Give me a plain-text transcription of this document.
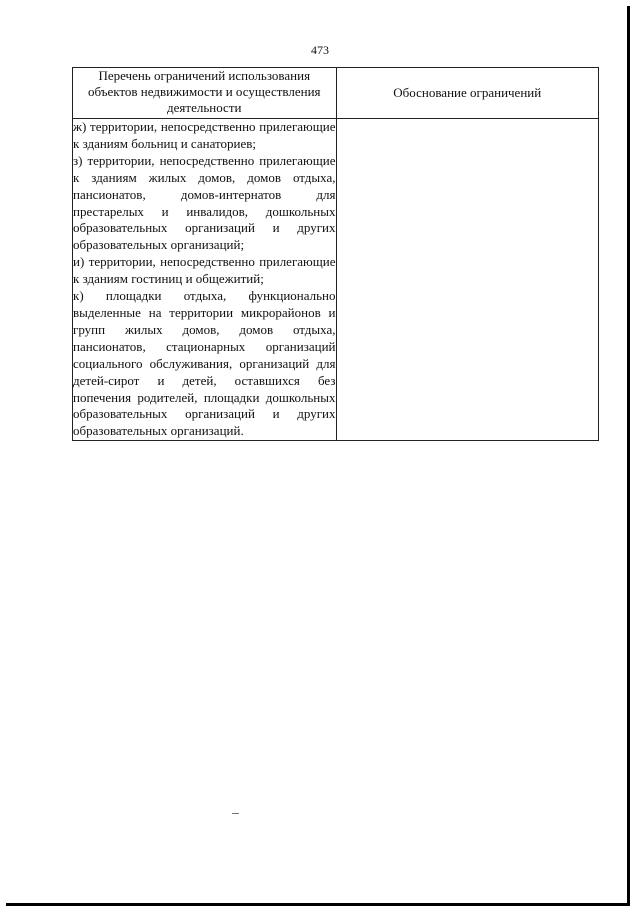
473
Перечень ограничений использования объектов недвижимости и осуществления деятельности	Обоснование ограничений

ж) территории, непосредственно прилегающие к зданиям больниц и санаториев;

з) территории, непосредственно прилегающие к зданиям жилых домов, домов отдыха, пансионатов, домов-интернатов для престарелых и инвалидов, дошкольных образовательных организаций и других образовательных организаций;

и) территории, непосредственно прилегающие к зданиям гостиниц и общежитий;

к) площадки отдыха, функционально выделенные на территории микрорайонов и групп жилых домов, домов отдыха, пансионатов, стационарных организаций социального обслуживания, организаций для детей-сирот и детей, оставшихся без попечения родителей, площадки дошкольных образовательных организаций и других образовательных организаций.	
